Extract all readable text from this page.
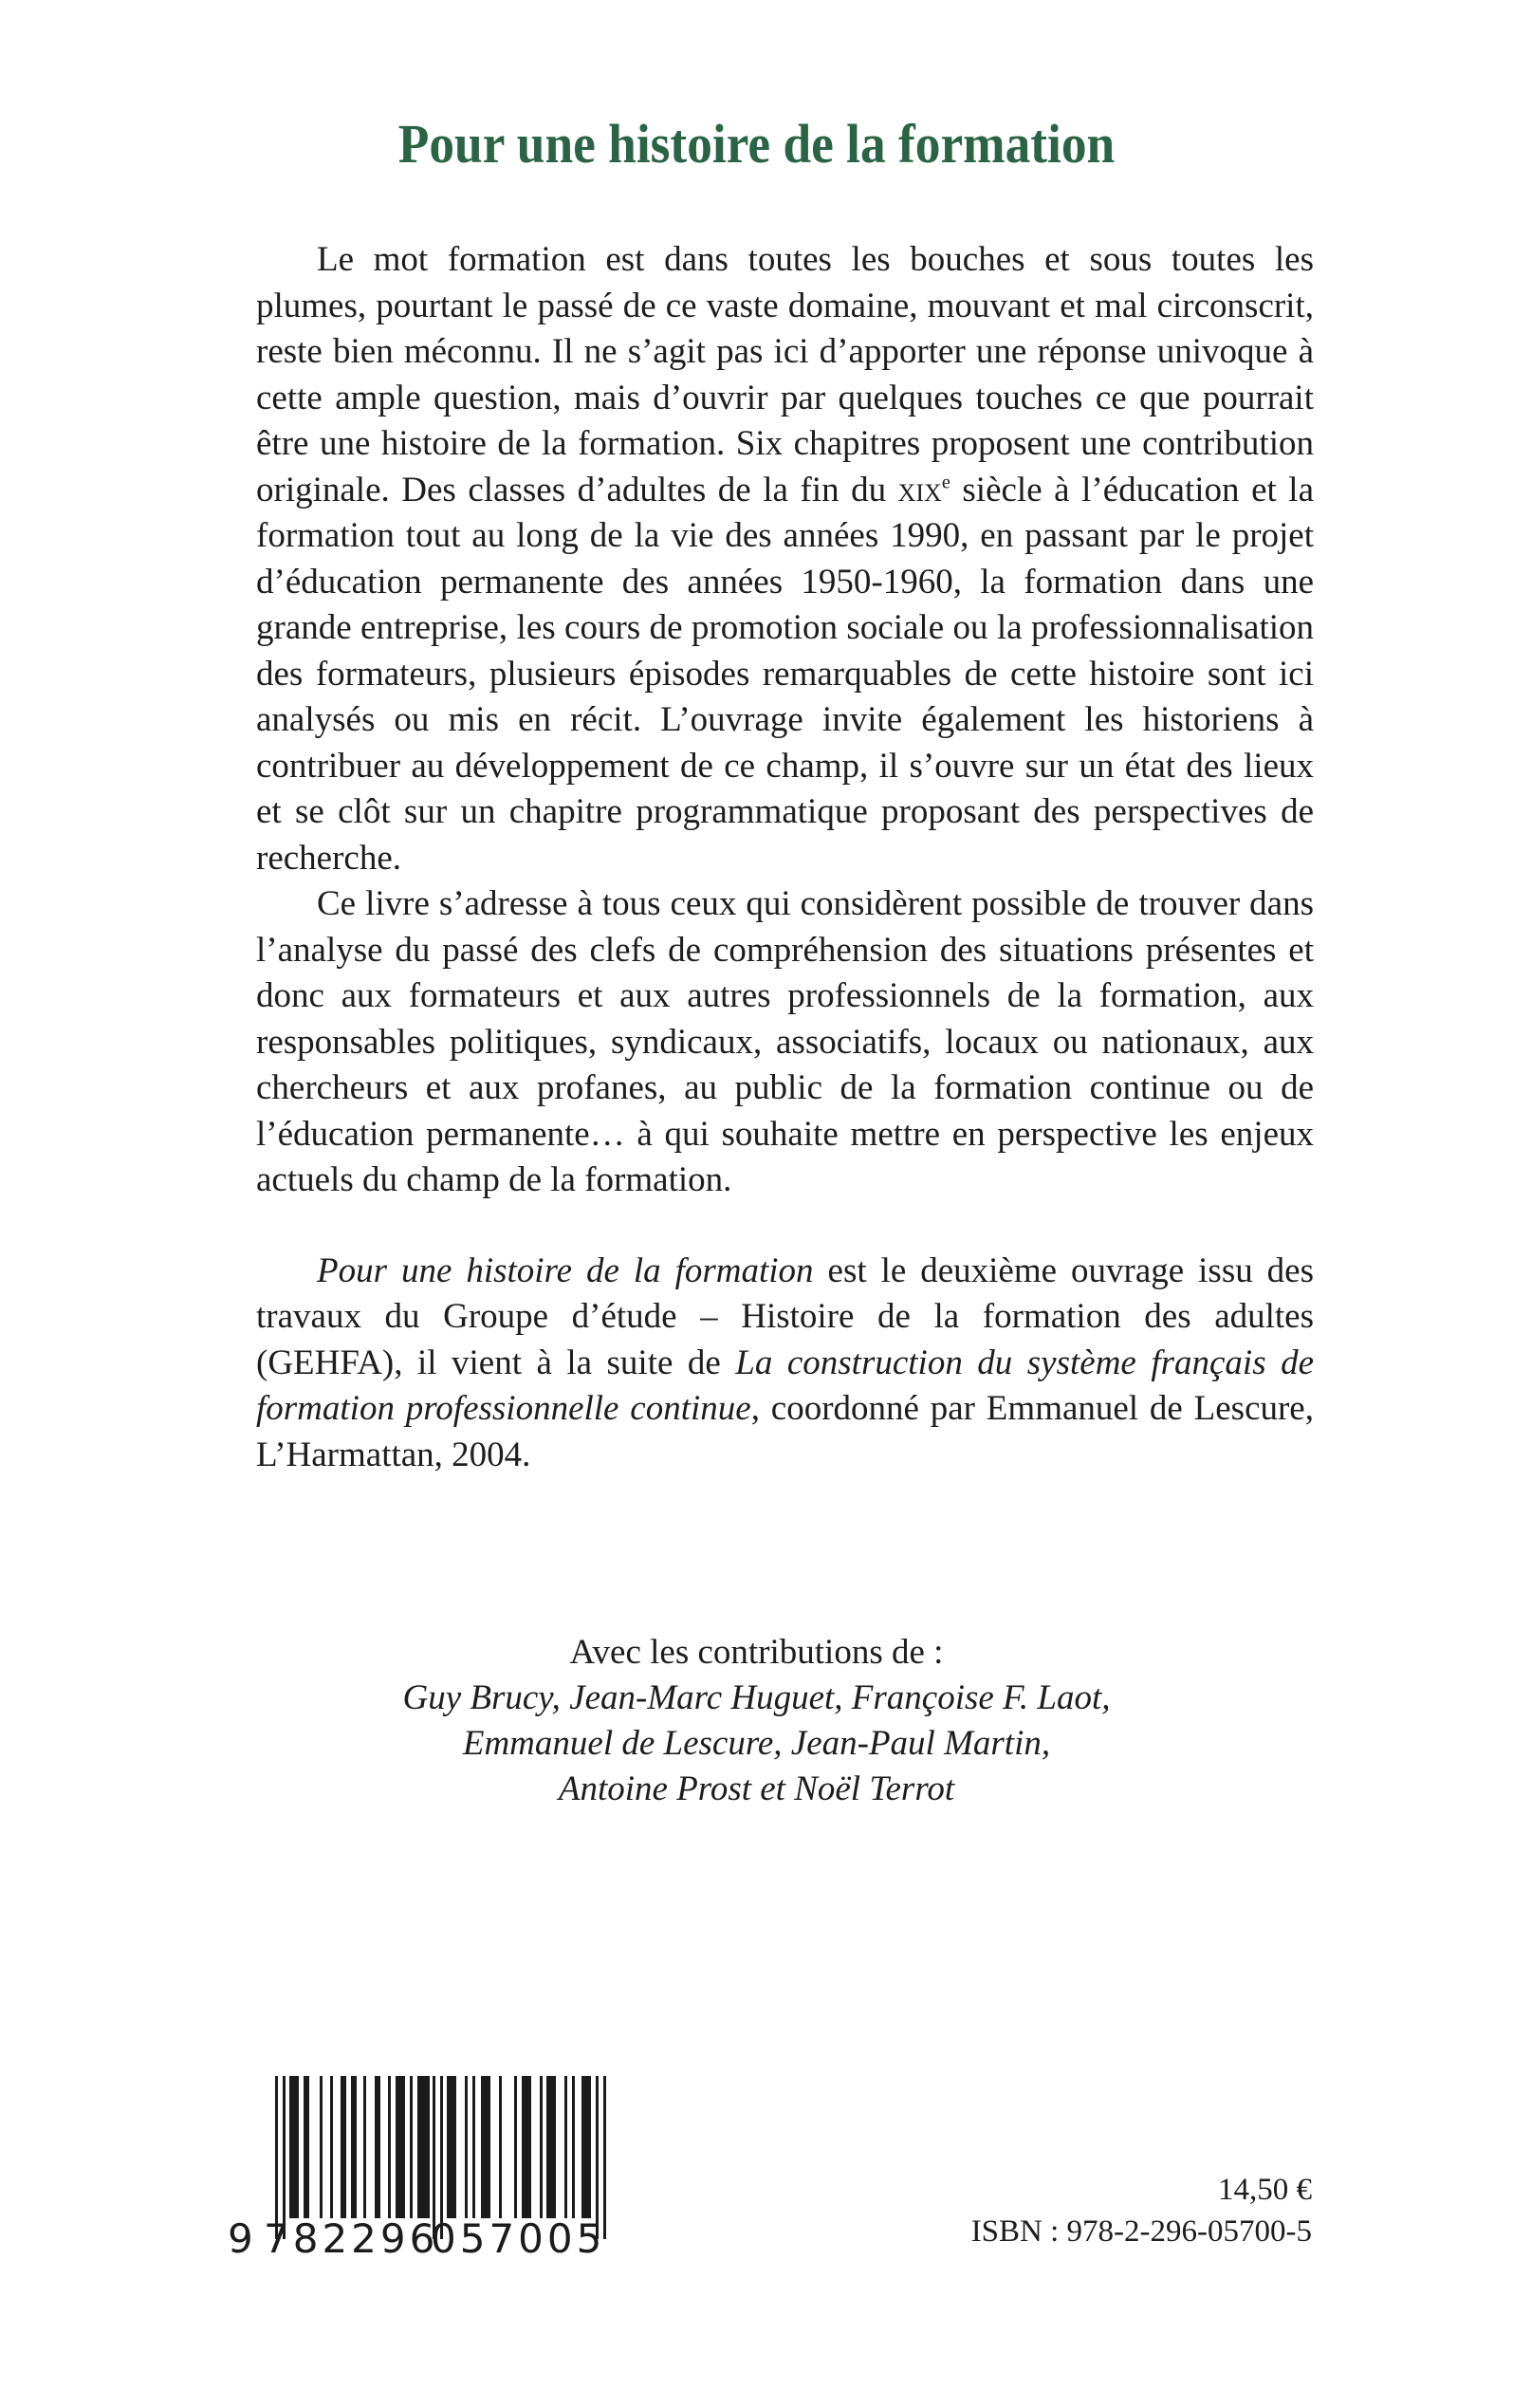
Pour une histoire de la formation

Le mot formation est dans toutes les bouches et sous toutes les plumes, pourtant le passé de ce vaste domaine, mouvant et mal circonscrit, reste bien méconnu. Il ne s’agit pas ici d’apporter une réponse univoque à cette ample question, mais d’ouvrir par quelques touches ce que pourrait être une histoire de la formation. Six chapitres proposent une contribution originale. Des classes d’adultes de la fin du xix$^e$ siècle à l’éducation et la formation tout au long de la vie des années 1990, en passant par le projet d’éducation permanente des années 1950-1960, la formation dans une grande entreprise, les cours de promotion sociale ou la professionnalisation des formateurs, plusieurs épisodes remarquables de cette histoire sont ici analysés ou mis en récit. L’ouvrage invite également les historiens à contribuer au développement de ce champ, il s’ouvre sur un état des lieux et se clôt sur un chapitre programmatique proposant des perspectives de recherche.

Ce livre s’adresse à tous ceux qui considèrent possible de trouver dans l’analyse du passé des clefs de compréhension des situations présentes et donc aux formateurs et aux autres professionnels de la formation, aux responsables politiques, syndicaux, associatifs, locaux ou nationaux, aux chercheurs et aux profanes, au public de la formation continue ou de l’éducation permanente… à qui souhaite mettre en perspective les enjeux actuels du champ de la formation.

Pour une histoire de la formation est le deuxième ouvrage issu des travaux du Groupe d’étude – Histoire de la formation des adultes (GEHFA), il vient à la suite de La construction du système français de formation professionnelle continue, coordonné par Emmanuel de Lescure, L’Harmattan, 2004.

Avec les contributions de :
Guy Brucy, Jean-Marc Huguet, Françoise F. Laot,
Emmanuel de Lescure, Jean-Paul Martin,
Antoine Prost et Noël Terrot
9 782296
057005
14,50 €
ISBN : 978-2-296-05700-5
